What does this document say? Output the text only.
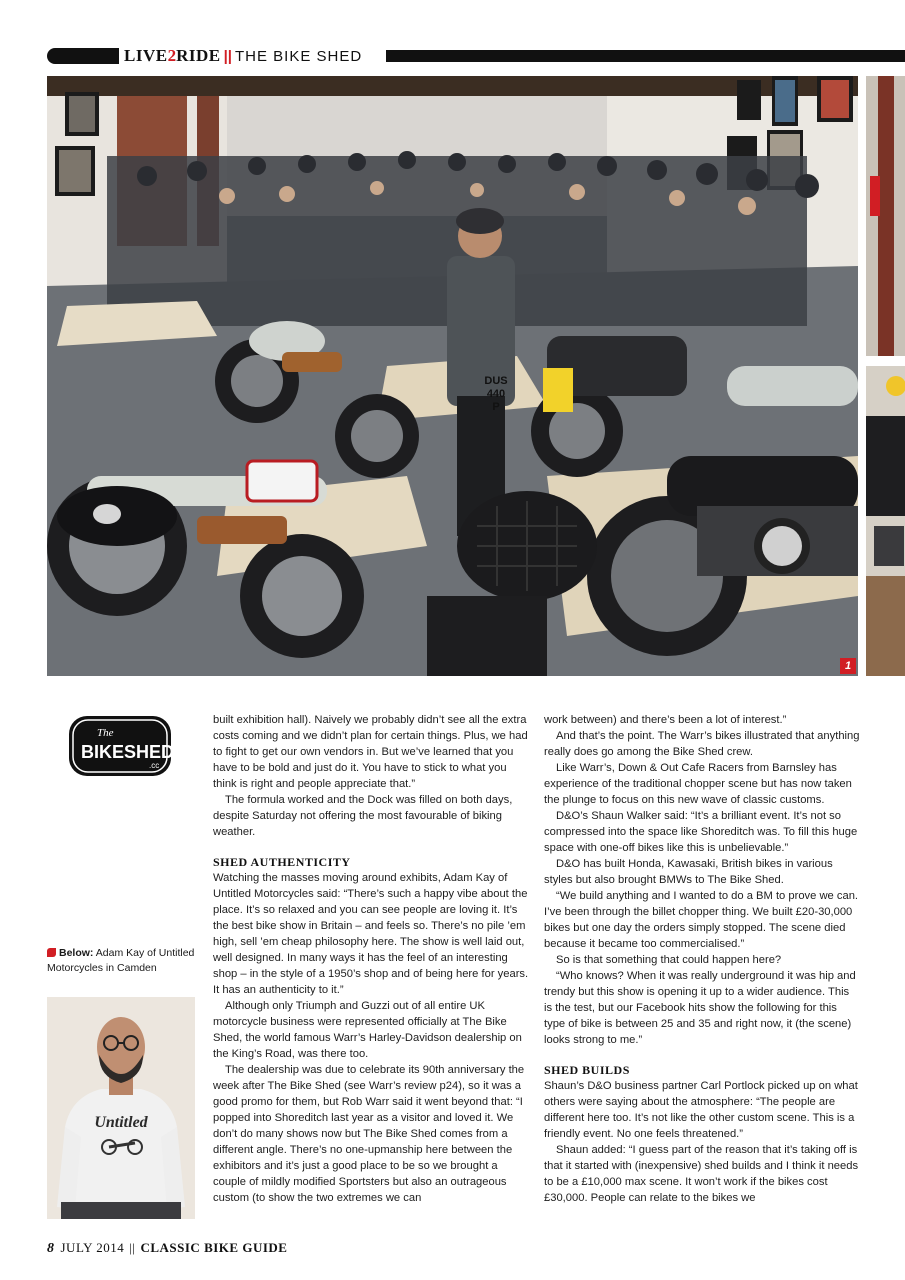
LIVE 2 RIDE || THE BIKE SHED
DUS
440
P
1
The
BIKESHED
.cc
Below: Adam Kay of Untitled Motorcycles in Camden
Untitled

built exhibition hall). Naively we probably didn’t see all the extra costs coming and we didn’t plan for certain things. Plus, we had to fight to get our own vendors in. But we’ve learned that you have to be bold and just do it. You have to stick to what you think is right and people appreciate that.”

The formula worked and the Dock was filled on both days, despite Saturday not offering the most favourable of biking weather.

SHED AUTHENTICITY

Watching the masses moving around exhibits, Adam Kay of Untitled Motorcycles said: “There’s such a happy vibe about the place. It’s so relaxed and you can see people are loving it. It’s the best bike show in Britain – and feels so. There’s no pile ’em high, sell ’em cheap philosophy here. The show is well laid out, well designed. In many ways it has the feel of an interesting shop – in the style of a 1950’s shop and of being here for years. It has an authenticity to it.”

Although only Triumph and Guzzi out of all entire UK motorcycle business were represented officially at The Bike Shed, the world famous Warr’s Harley-Davidson dealership on the King’s Road, was there too.

The dealership was due to celebrate its 90th anniversary the week after The Bike Shed (see Warr’s review p24), so it was a good promo for them, but Rob Warr said it went beyond that: “I popped into Shoreditch last year as a visitor and loved it. We don’t do many shows now but The Bike Shed comes from a different angle. There’s no one-upmanship here between the exhibitors and it’s just a good place to be so we brought a couple of mildly modified Sportsters but also an outrageous custom (to show the two extremes we can

work between) and there’s been a lot of interest.”

And that’s the point. The Warr’s bikes illustrated that anything really does go among the Bike Shed crew.

Like Warr’s, Down & Out Cafe Racers from Barnsley has experience of the traditional chopper scene but has now taken the plunge to focus on this new wave of classic customs.

D&O’s Shaun Walker said: “It’s a brilliant event. It’s not so compressed into the space like Shoreditch was. To fill this huge space with one-off bikes like this is unbelievable.”

D&O has built Honda, Kawasaki, British bikes in various styles but also brought BMWs to The Bike Shed.

“We build anything and I wanted to do a BM to prove we can. I’ve been through the billet chopper thing. We built £20-30,000 bikes but one day the orders simply stopped. The scene died because it became too commercialised.”

So is that something that could happen here?

“Who knows? When it was really underground it was hip and trendy but this show is opening it up to a wider audience. This is the test, but our Facebook hits show the following for this type of bike is between 25 and 35 and right now, it (the scene) looks strong to me.”

SHED BUILDS

Shaun’s D&O business partner Carl Portlock picked up on what others were saying about the atmosphere: “The people are different here too. It’s not like the other custom scene. This is a friendly event. No one feels threatened.”

Shaun added: “I guess part of the reason that it’s taking off is that it started with (inexpensive) shed builds and I think it needs to be a £10,000 max scene. It won’t work if the bikes cost £30,000. People can relate to the bikes we

8 JULY 2014 || CLASSIC BIKE GUIDE
